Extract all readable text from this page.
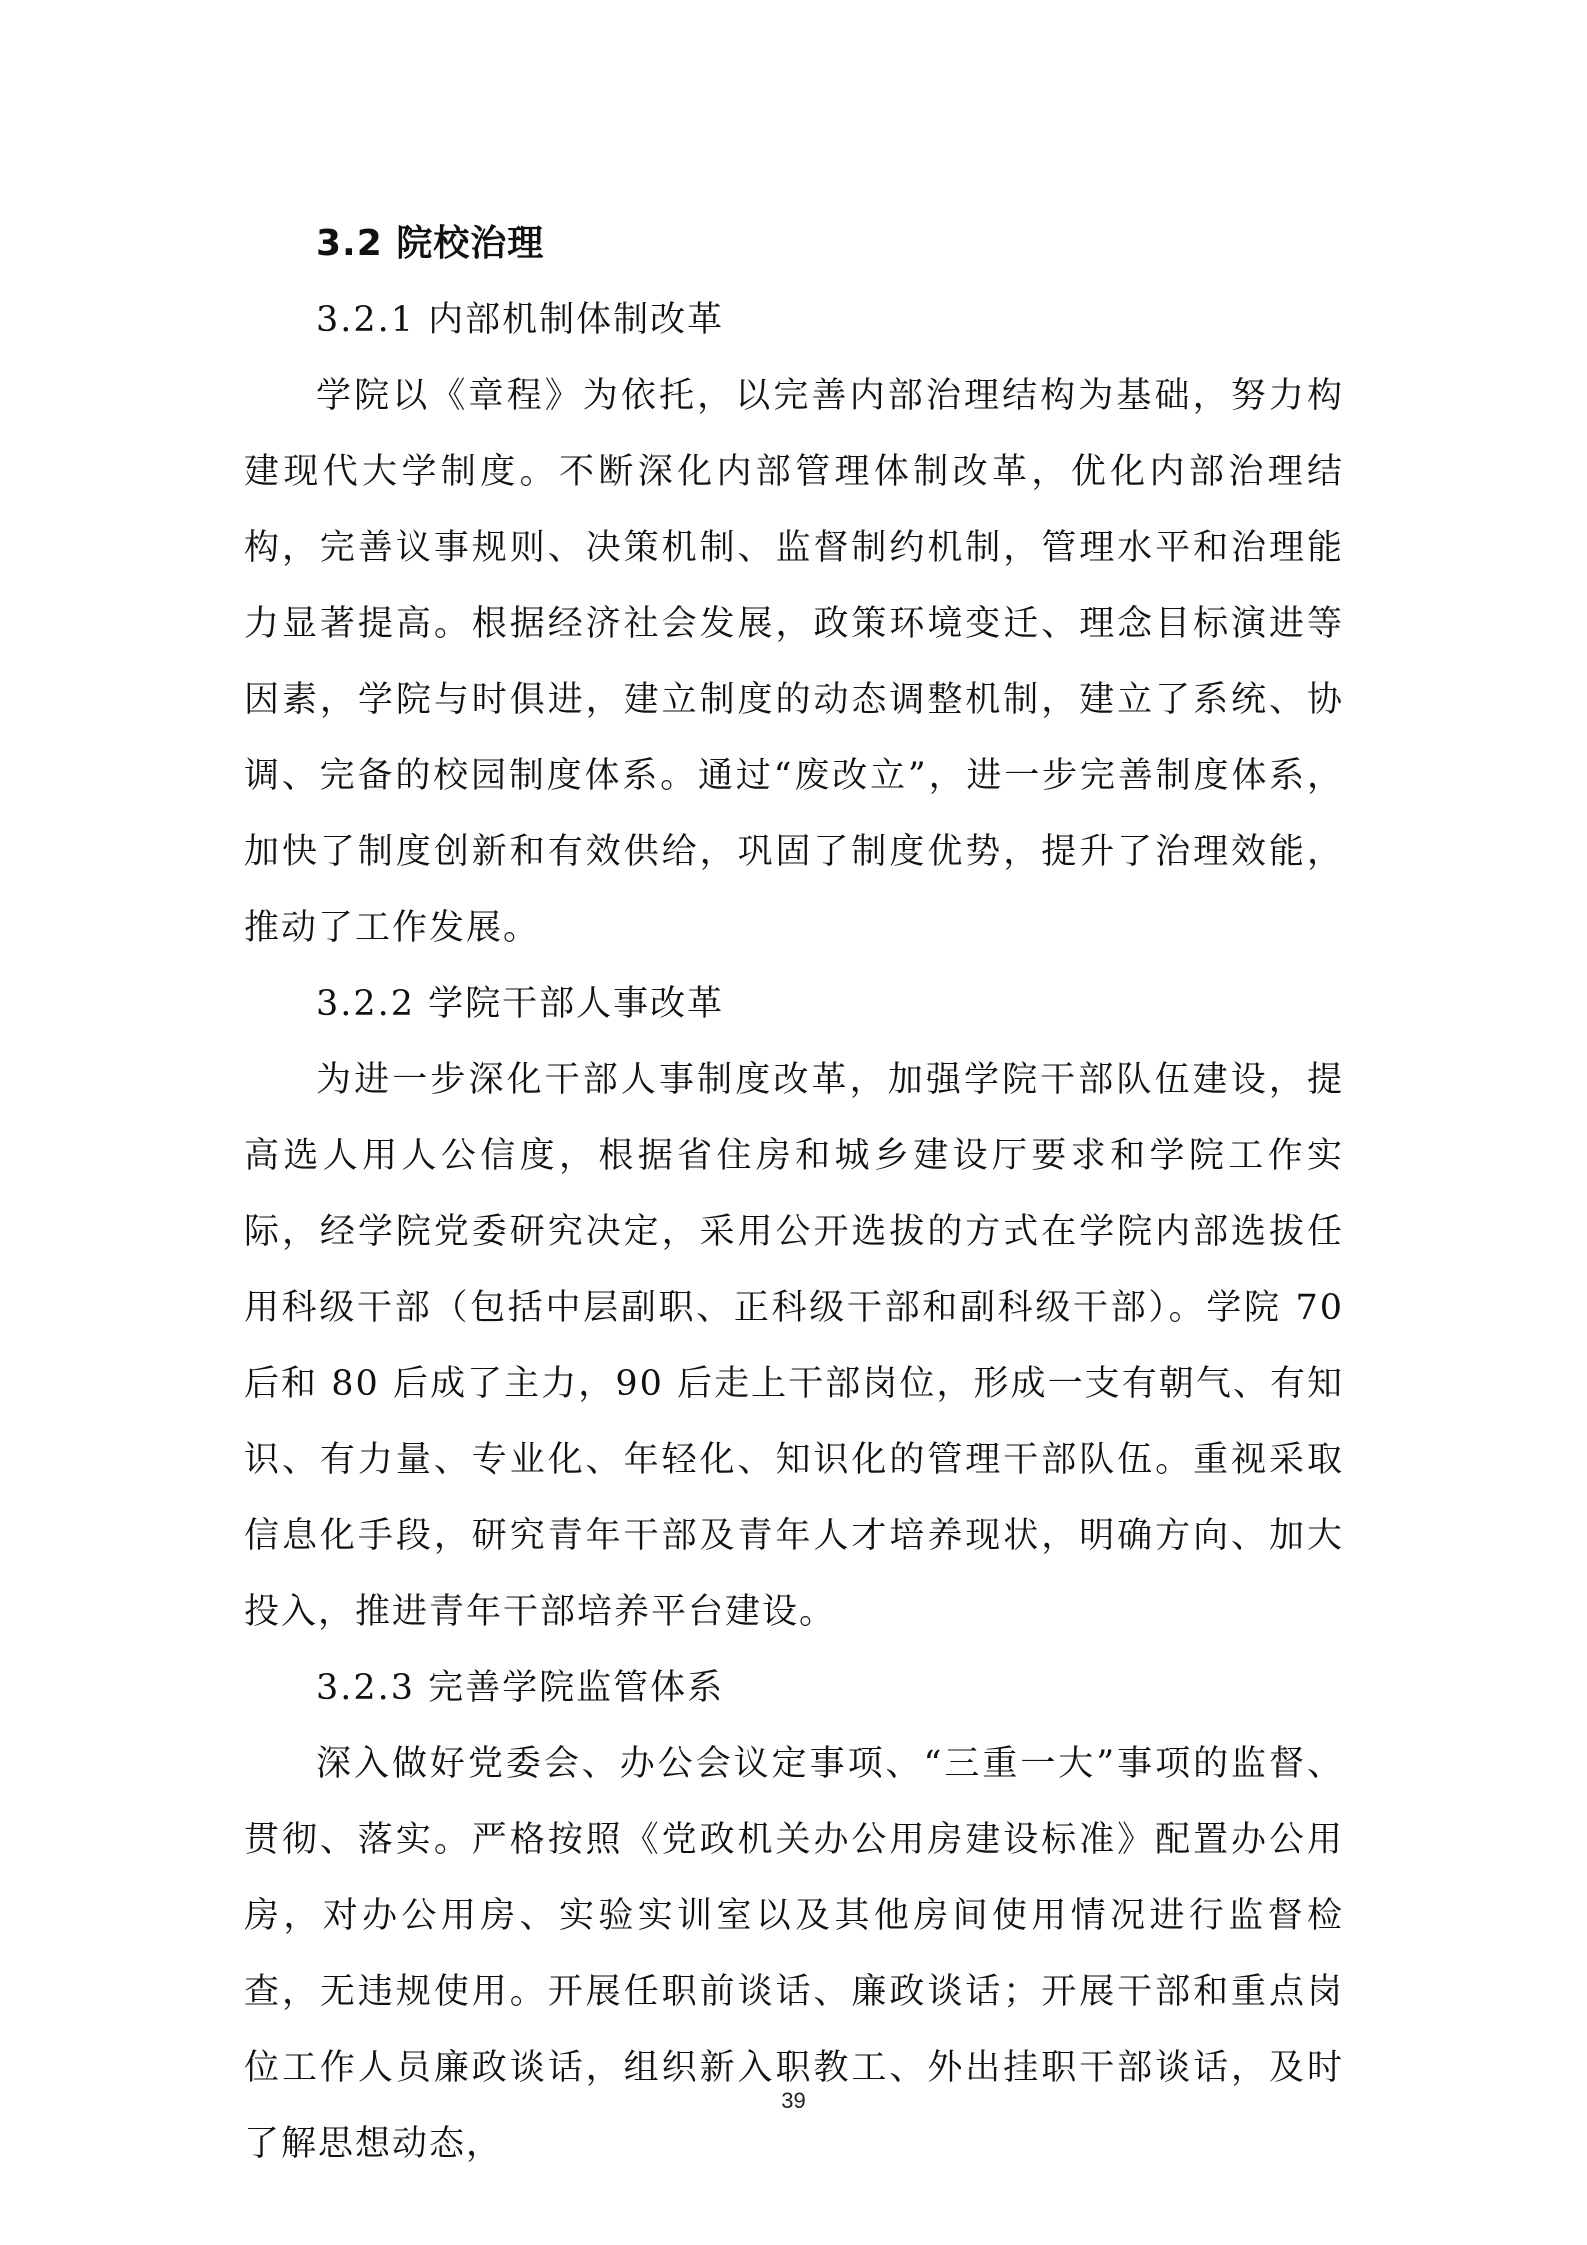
3.2 院校治理

3.2.1 内部机制体制改革

学院以《章程》为依托，以完善内部治理结构为基础，努力构建现代大学制度。不断深化内部管理体制改革，优化内部治理结构，完善议事规则、决策机制、监督制约机制，管理水平和治理能力显著提高。根据经济社会发展，政策环境变迁、理念目标演进等因素，学院与时俱进，建立制度的动态调整机制，建立了系统、协调、完备的校园制度体系。通过“废改立”，进一步完善制度体系，加快了制度创新和有效供给，巩固了制度优势，提升了治理效能，推动了工作发展。

3.2.2 学院干部人事改革

为进一步深化干部人事制度改革，加强学院干部队伍建设，提高选人用人公信度，根据省住房和城乡建设厅要求和学院工作实际，经学院党委研究决定，采用公开选拔的方式在学院内部选拔任用科级干部（包括中层副职、正科级干部和副科级干部）。学院 70 后和 80 后成了主力，90 后走上干部岗位，形成一支有朝气、有知识、有力量、专业化、年轻化、知识化的管理干部队伍。重视采取信息化手段，研究青年干部及青年人才培养现状，明确方向、加大投入，推进青年干部培养平台建设。

3.2.3 完善学院监管体系

深入做好党委会、办公会议定事项、“三重一大”事项的监督、贯彻、落实。严格按照《党政机关办公用房建设标准》配置办公用房，对办公用房、实验实训室以及其他房间使用情况进行监督检查，无违规使用。开展任职前谈话、廉政谈话；开展干部和重点岗位工作人员廉政谈话，组织新入职教工、外出挂职干部谈话，及时了解思想动态，

39
